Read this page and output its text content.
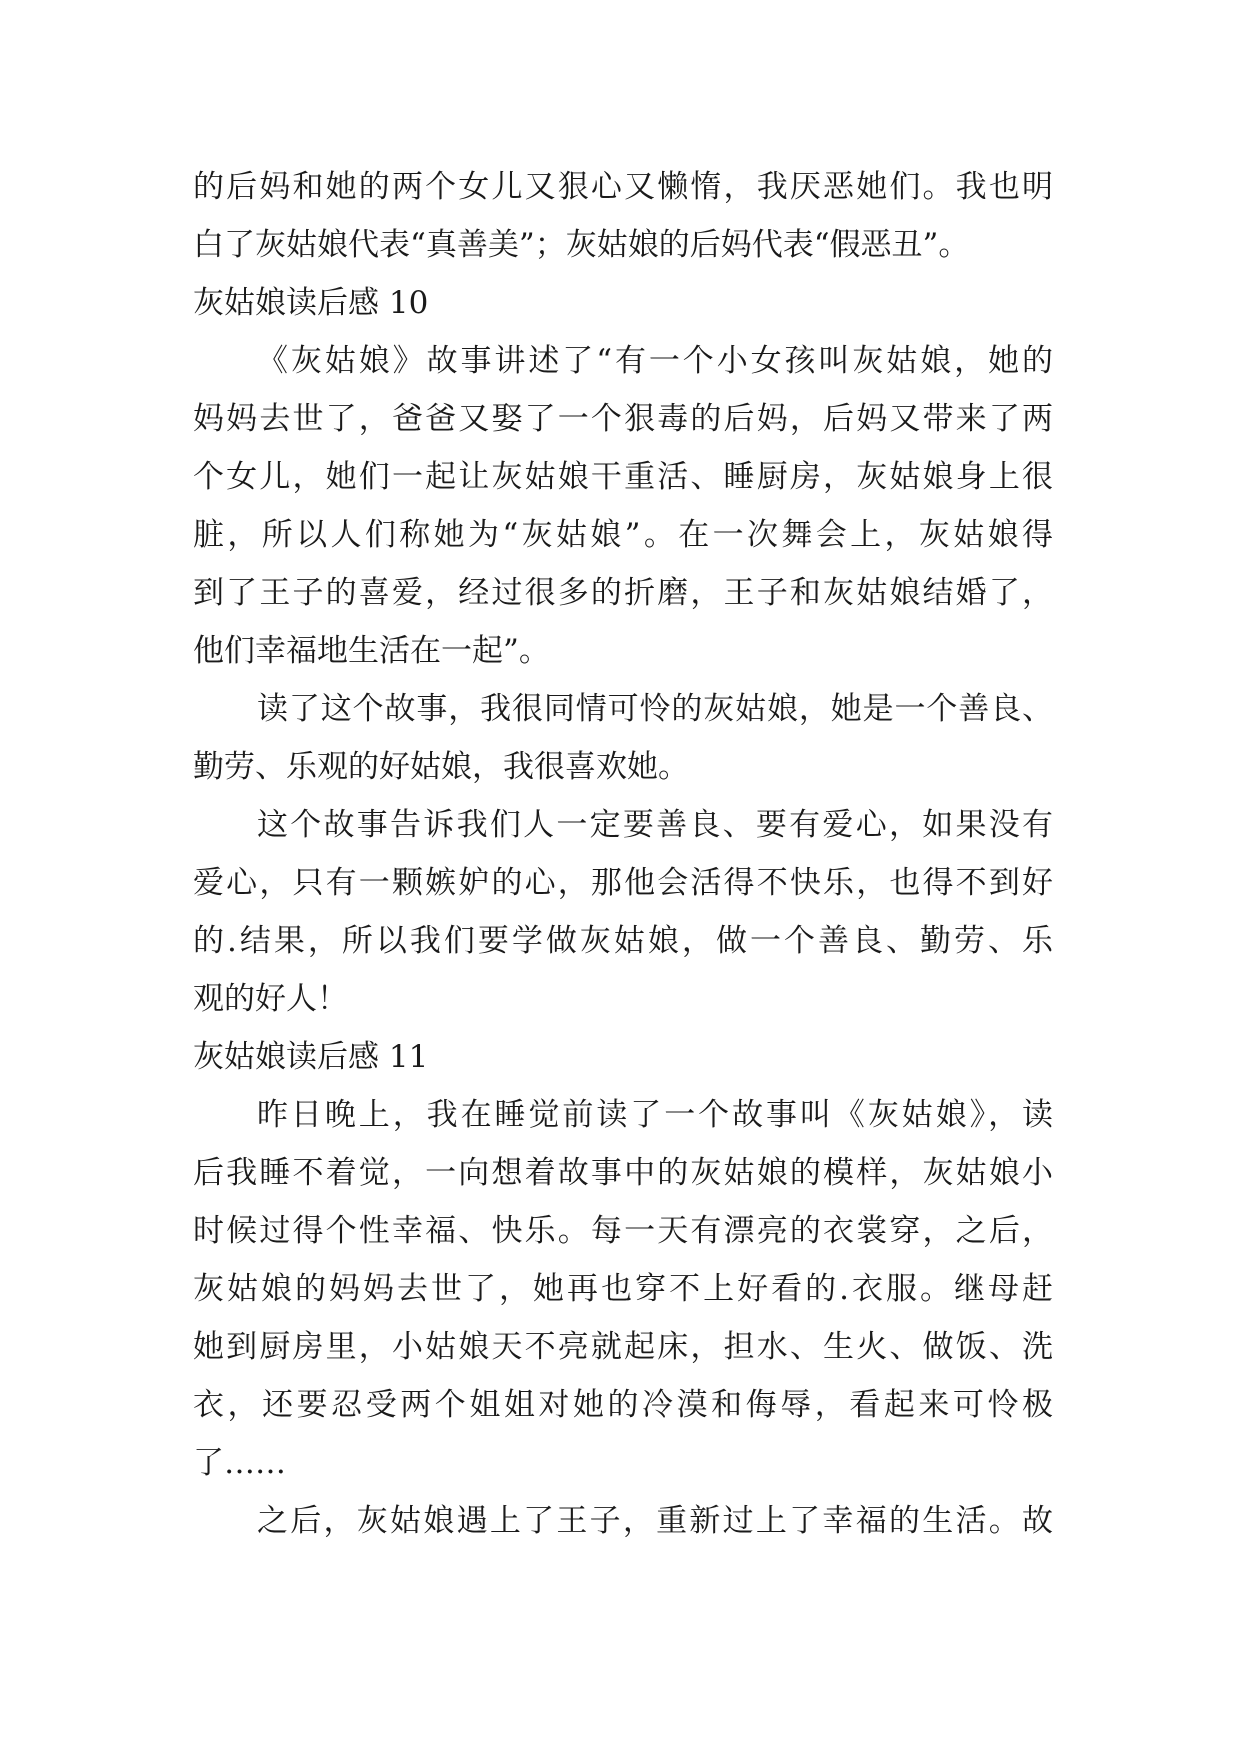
的后妈和她的两个女儿又狠心又懒惰，我厌恶她们。我也明
白了灰姑娘代表“真善美”；灰姑娘的后妈代表“假恶丑”。

灰姑娘读后感 10

《灰姑娘》故事讲述了“有一个小女孩叫灰姑娘，她的
妈妈去世了，爸爸又娶了一个狠毒的后妈，后妈又带来了两
个女儿，她们一起让灰姑娘干重活、睡厨房，灰姑娘身上很
脏，所以人们称她为“灰姑娘”。在一次舞会上，灰姑娘得
到了王子的喜爱，经过很多的折磨，王子和灰姑娘结婚了，
他们幸福地生活在一起”。

读了这个故事，我很同情可怜的灰姑娘，她是一个善良、
勤劳、乐观的好姑娘，我很喜欢她。

这个故事告诉我们人一定要善良、要有爱心，如果没有
爱心，只有一颗嫉妒的心，那他会活得不快乐，也得不到好
的.结果，所以我们要学做灰姑娘，做一个善良、勤劳、乐
观的好人！

灰姑娘读后感 11

昨日晚上，我在睡觉前读了一个故事叫《灰姑娘》，读
后我睡不着觉，一向想着故事中的灰姑娘的模样，灰姑娘小
时候过得个性幸福、快乐。每一天有漂亮的衣裳穿，之后，
灰姑娘的妈妈去世了，她再也穿不上好看的.衣服。继母赶
她到厨房里，小姑娘天不亮就起床，担水、生火、做饭、洗
衣，还要忍受两个姐姐对她的冷漠和侮辱，看起来可怜极
了……

之后，灰姑娘遇上了王子，重新过上了幸福的生活。故
